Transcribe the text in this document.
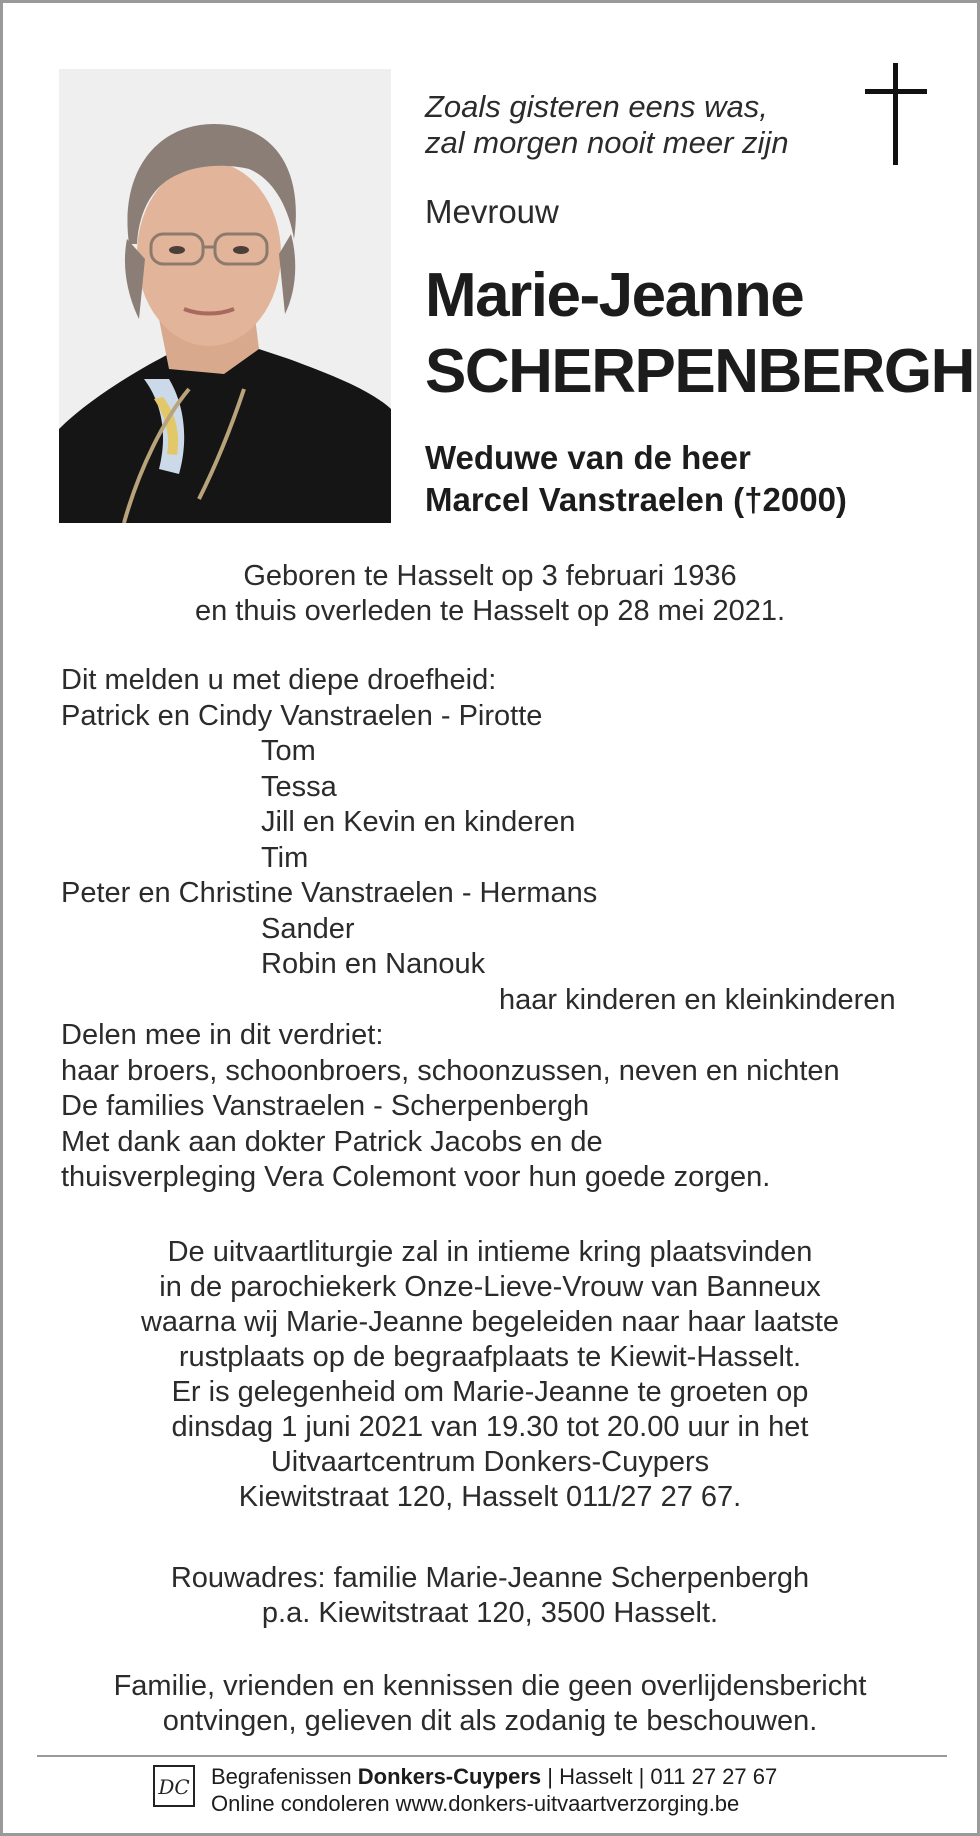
Zoals gisteren eens was,
zal morgen nooit meer zijn
Mevrouw
Marie-Jeanne
SCHERPENBERGH
Weduwe van de heer
Marcel Vanstraelen (†2000)
Geboren te Hasselt op 3 februari 1936
en thuis overleden te Hasselt op 28 mei 2021.
Dit melden u met diepe droefheid:
Patrick en Cindy Vanstraelen - Pirotte
Tom
Tessa
Jill en Kevin en kinderen
Tim
Peter en Christine Vanstraelen - Hermans
Sander
Robin en Nanouk
haar kinderen en kleinkinderen
Delen mee in dit verdriet:
haar broers, schoonbroers, schoonzussen, neven en nichten
De families Vanstraelen - Scherpenbergh
Met dank aan dokter Patrick Jacobs en de
thuisverpleging Vera Colemont voor hun goede zorgen.
De uitvaartliturgie zal in intieme kring plaatsvinden
in de parochiekerk Onze-Lieve-Vrouw van Banneux
waarna wij Marie-Jeanne begeleiden naar haar laatste
rustplaats op de begraafplaats te Kiewit-Hasselt.
Er is gelegenheid om Marie-Jeanne te groeten op
dinsdag 1 juni 2021 van 19.30 tot 20.00 uur in het
Uitvaartcentrum Donkers-Cuypers
Kiewitstraat 120, Hasselt 011/27 27 67.
Rouwadres: familie Marie-Jeanne Scherpenbergh
p.a. Kiewitstraat 120, 3500 Hasselt.
Familie, vrienden en kennissen die geen overlijdensbericht
ontvingen, gelieven dit als zodanig te beschouwen.
DC Begrafenissen Donkers-Cuypers | Hasselt | 011 27 27 67
Online condoleren www.donkers-uitvaartverzorging.be
